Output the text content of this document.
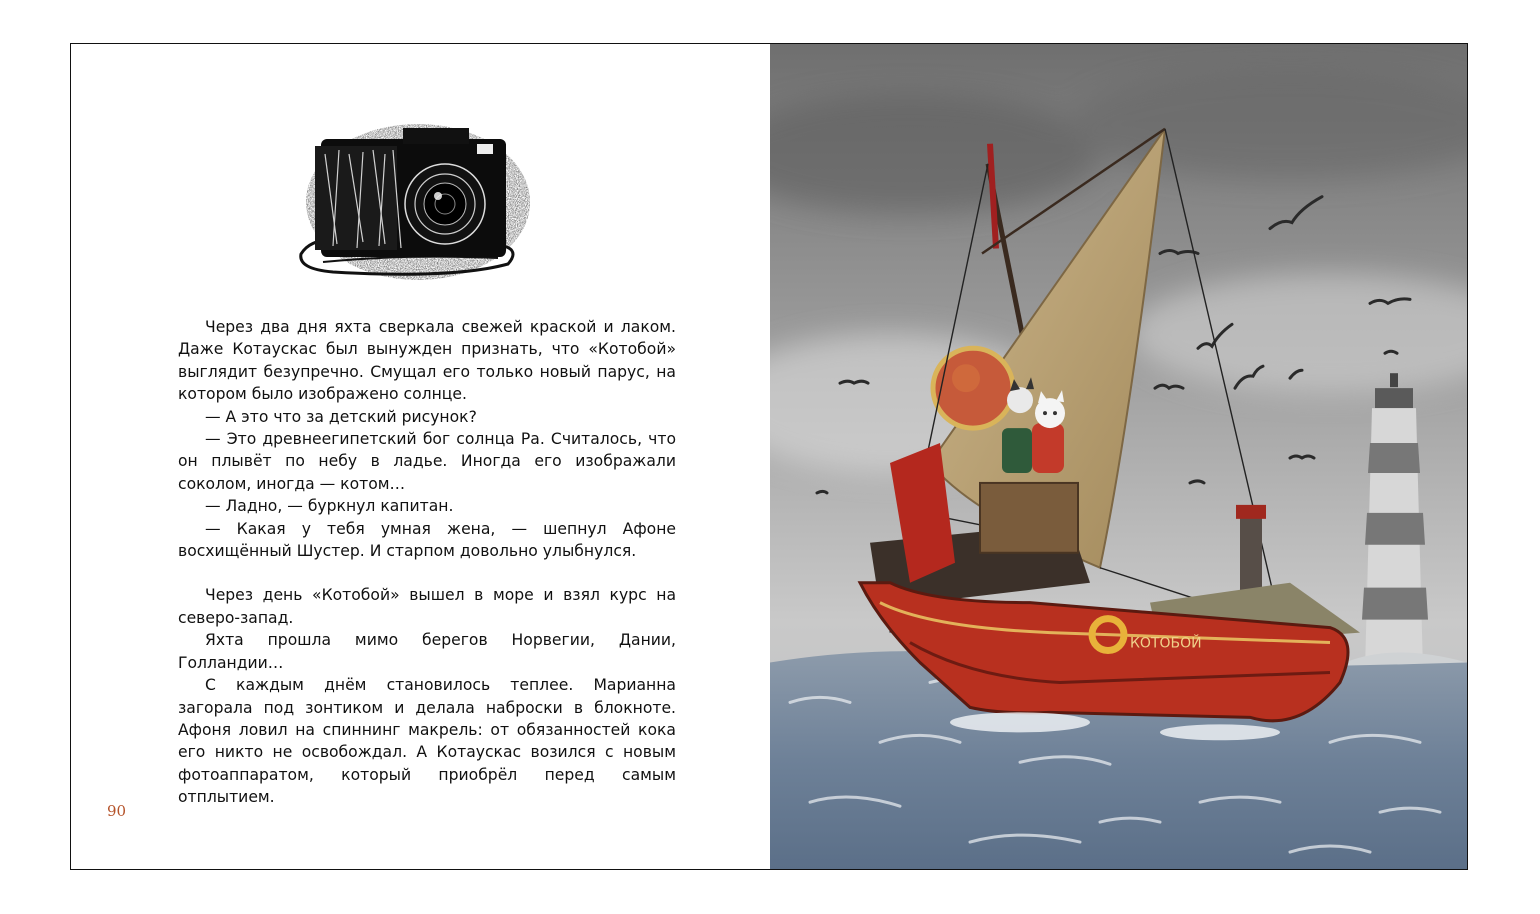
Через два дня яхта сверкала свежей краской и лаком. Даже Котаускас был вынужден признать, что «Котобой» выглядит безупречно. Смущал его только новый парус, на котором было изображено солнце.

— А это что за детский рисунок?

— Это древнеегипетский бог солнца Ра. Считалось, что он плывёт по небу в ладье. Иногда его изображали соколом, иногда — котом…

— Ладно, — буркнул капитан.

— Какая у тебя умная жена, — шепнул Афоне восхищённый Шустер. И старпом довольно улыбнулся.

Через день «Котобой» вышел в море и взял курс на северо-запад.

Яхта прошла мимо берегов Норвегии, Дании, Голландии…

С каждым днём становилось теплее. Марианна загорала под зонтиком и делала наброски в блокноте. Афоня ловил на спиннинг макрель: от обязанностей кока его никто не освобождал. А Котаускас возился с новым фотоаппаратом, который приобрёл перед самым отплытием.

90
КОТОБОЙ
